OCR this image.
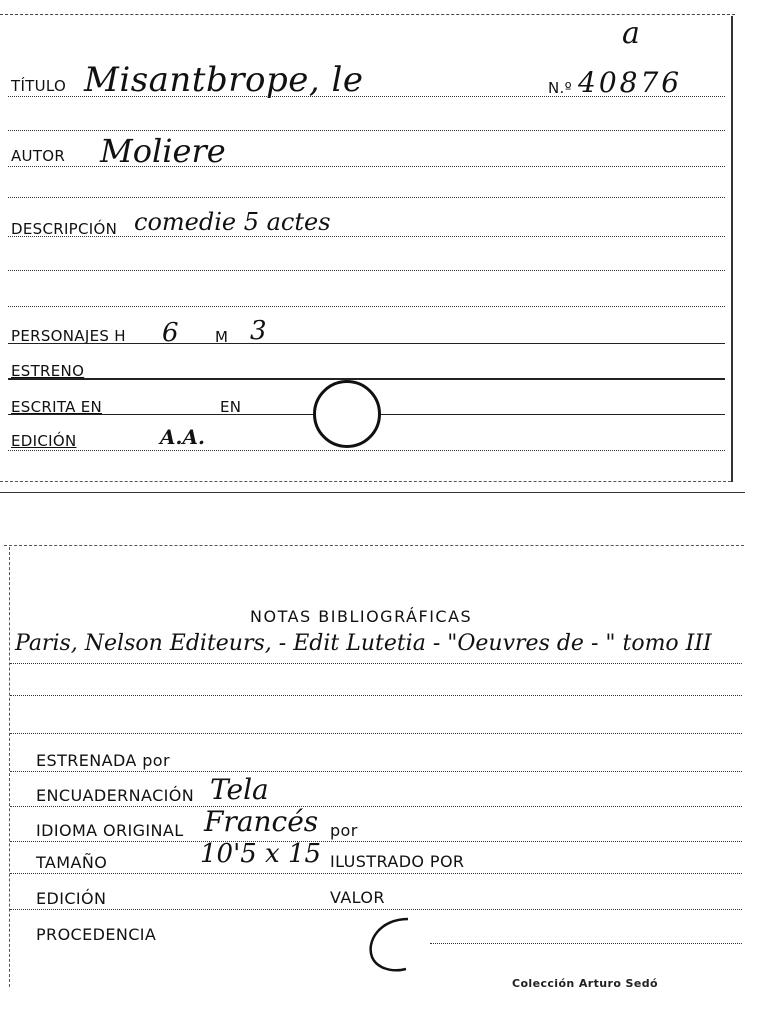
TÍTULO Misantbrope, le	N.º 40876
a
AUTOR Moliere
DESCRIPCIÓN comedie 5 actes
PERSONAJES H 6 M 3
ESTRENO
ESCRITA EN	EN
EDICIÓN	A.A.
NOTAS BIBLIOGRÁFICAS
Paris, Nelson Editeurs, - Edit Lutetia - "Oeuvres de - " tomo III
ESTRENADA por
ENCUADERNACIÓN Tela
IDIOMA ORIGINAL Francés por
TAMAÑO	10'5 x 15 ILUSTRADO POR
EDICIÓN	VALOR
PROCEDENCIA
Colección Arturo Sedó
